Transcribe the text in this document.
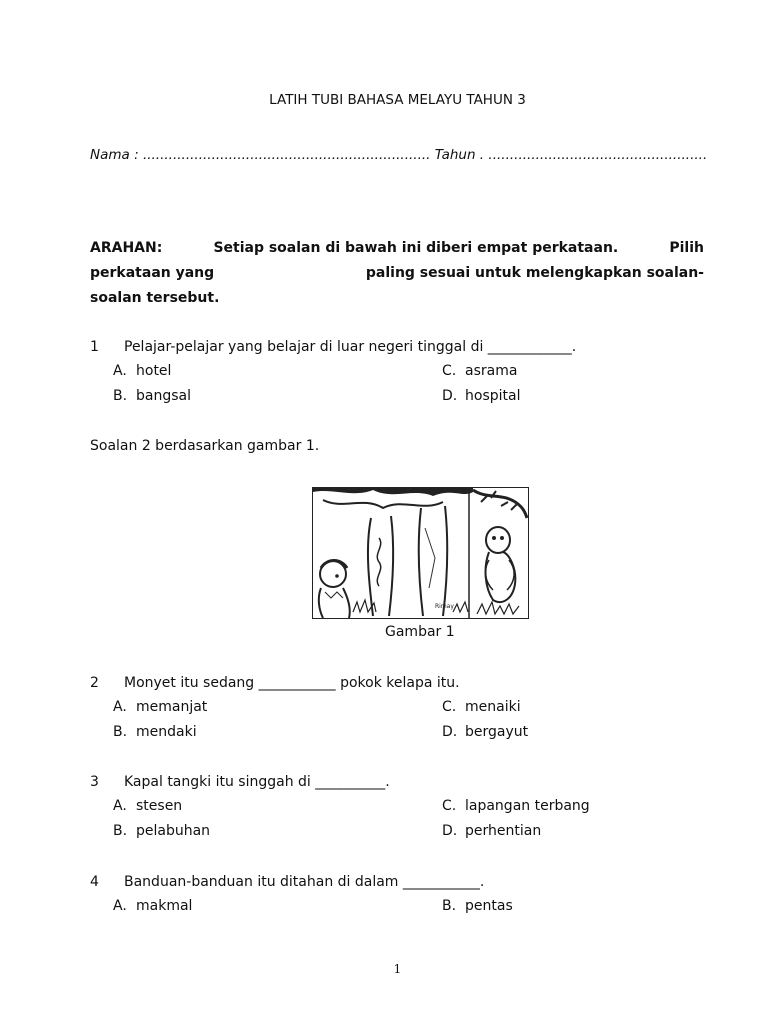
LATIH TUBI BAHASA MELAYU TAHUN 3
Nama : ................................................................... Tahun . ...................................................
ARAHAN:	Setiap soalan di bawah ini diberi empat perkataan.	Pilih
perkataan yang	paling sesuai untuk melengkapkan soalan-
soalan tersebut.
1 Pelajar-pelajar yang belajar di luar negeri tinggal di ____________.
A. hotel	C. asrama
B. bangsal	D. hospital
Soalan 2 berdasarkan gambar 1.
Rimay
Gambar 1
2 Monyet itu sedang ___________ pokok kelapa itu.
A. memanjat	C. menaiki
B. mendaki	D. bergayut
3 Kapal tangki itu singgah di __________.
A. stesen	C. lapangan terbang
B. pelabuhan	D. perhentian
4 Banduan-banduan itu ditahan di dalam ___________.
A. makmal	B. pentas
1
